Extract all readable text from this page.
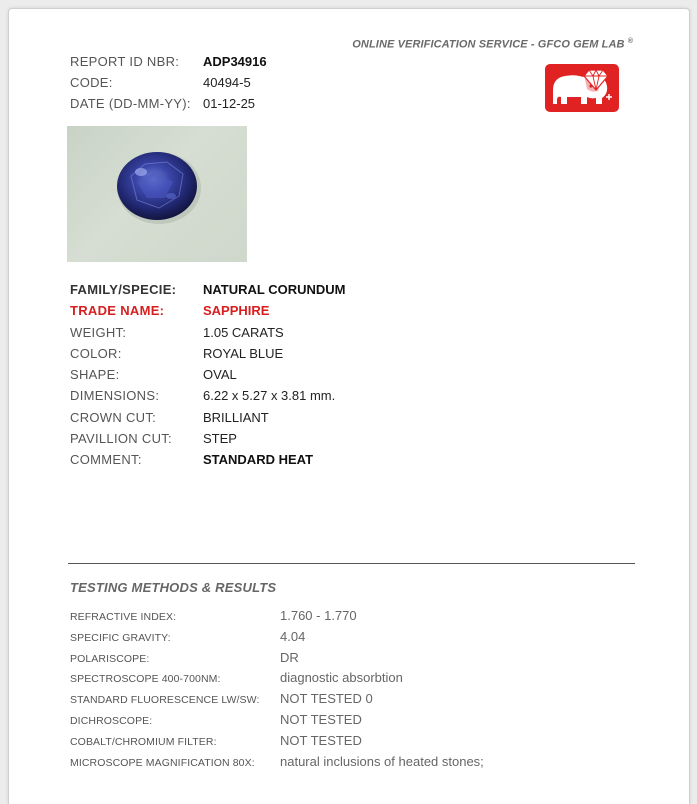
ONLINE VERIFICATION SERVICE - GFCO GEM LAB ®
REPORT ID NBR:	ADP34916
CODE:	40494-5
DATE (DD-MM-YY): 01-12-25
FAMILY/SPECIE:	NATURAL CORUNDUM
TRADE NAME:	SAPPHIRE
WEIGHT:	1.05 CARATS
COLOR:	ROYAL BLUE
SHAPE:	OVAL
DIMENSIONS:	6.22 x 5.27 x 3.81 mm.
CROWN CUT:	BRILLIANT
PAVILLION CUT:	STEP
COMMENT:	STANDARD HEAT
TESTING METHODS & RESULTS
REFRACTIVE INDEX:	1.760 - 1.770
SPECIFIC GRAVITY:	4.04
POLARISCOPE:	DR
SPECTROSCOPE 400-700NM:	diagnostic absorbtion
STANDARD FLUORESCENCE LW/SW:	NOT TESTED 0
DICHROSCOPE:	NOT TESTED
COBALT/CHROMIUM FILTER:	NOT TESTED
MICROSCOPE MAGNIFICATION 80X:	natural inclusions of heated stones;
